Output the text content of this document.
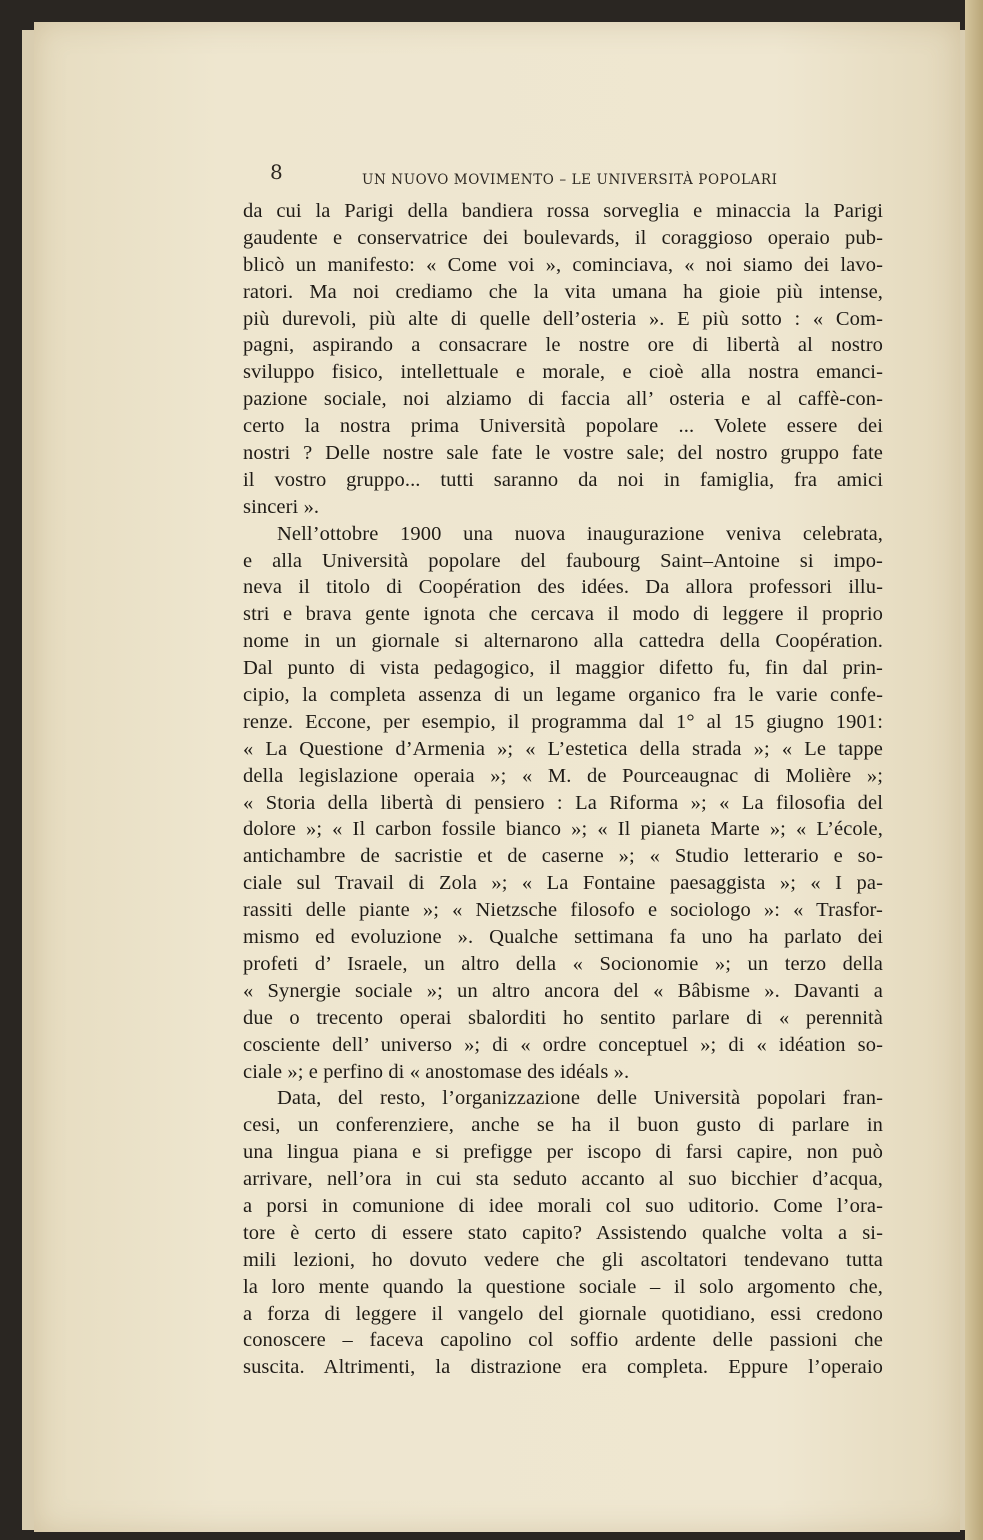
8	UN NUOVO MOVIMENTO – LE UNIVERSITÀ POPOLARI
da cui la Parigi della bandiera rossa sorveglia e minaccia la Parigi
gaudente e conservatrice dei boulevards, il coraggioso operaio pub-
blicò un manifesto: « Come voi », cominciava, « noi siamo dei lavo-
ratori. Ma noi crediamo che la vita umana ha gioie più intense,
più durevoli, più alte di quelle dell’osteria ». E più sotto : « Com-
pagni, aspirando a consacrare le nostre ore di libertà al nostro
sviluppo fisico, intellettuale e morale, e cioè alla nostra emanci-
pazione sociale, noi alziamo di faccia all’ osteria e al caffè-con-
certo la nostra prima Università popolare ... Volete essere dei
nostri ? Delle nostre sale fate le vostre sale; del nostro gruppo fate
il vostro gruppo... tutti saranno da noi in famiglia, fra amici
sinceri ».
Nell’ottobre 1900 una nuova inaugurazione veniva celebrata,
e alla Università popolare del faubourg Saint–Antoine si impo-
neva il titolo di Coopération des idées. Da allora professori illu-
stri e brava gente ignota che cercava il modo di leggere il proprio
nome in un giornale si alternarono alla cattedra della Coopération.
Dal punto di vista pedagogico, il maggior difetto fu, fin dal prin-
cipio, la completa assenza di un legame organico fra le varie confe-
renze. Eccone, per esempio, il programma dal 1° al 15 giugno 1901:
« La Questione d’Armenia »; « L’estetica della strada »; « Le tappe
della legislazione operaia »; « M. de Pourceaugnac di Molière »;
« Storia della libertà di pensiero : La Riforma »; « La filosofia del
dolore »; « Il carbon fossile bianco »; « Il pianeta Marte »; « L’école,
antichambre de sacristie et de caserne »; « Studio letterario e so-
ciale sul Travail di Zola »; « La Fontaine paesaggista »; « I pa-
rassiti delle piante »; « Nietzsche filosofo e sociologo »: « Trasfor-
mismo ed evoluzione ». Qualche settimana fa uno ha parlato dei
profeti d’ Israele, un altro della « Socionomie »; un terzo della
« Synergie sociale »; un altro ancora del « Bâbisme ». Davanti a
due o trecento operai sbalorditi ho sentito parlare di « perennità
cosciente dell’ universo »; di « ordre conceptuel »; di « idéation so-
ciale »; e perfino di « anostomase des idéals ».
Data, del resto, l’organizzazione delle Università popolari fran-
cesi, un conferenziere, anche se ha il buon gusto di parlare in
una lingua piana e si prefigge per iscopo di farsi capire, non può
arrivare, nell’ora in cui sta seduto accanto al suo bicchier d’acqua,
a porsi in comunione di idee morali col suo uditorio. Come l’ora-
tore è certo di essere stato capito? Assistendo qualche volta a si-
mili lezioni, ho dovuto vedere che gli ascoltatori tendevano tutta
la loro mente quando la questione sociale – il solo argomento che,
a forza di leggere il vangelo del giornale quotidiano, essi credono
conoscere – faceva capolino col soffio ardente delle passioni che
suscita. Altrimenti, la distrazione era completa. Eppure l’operaio
